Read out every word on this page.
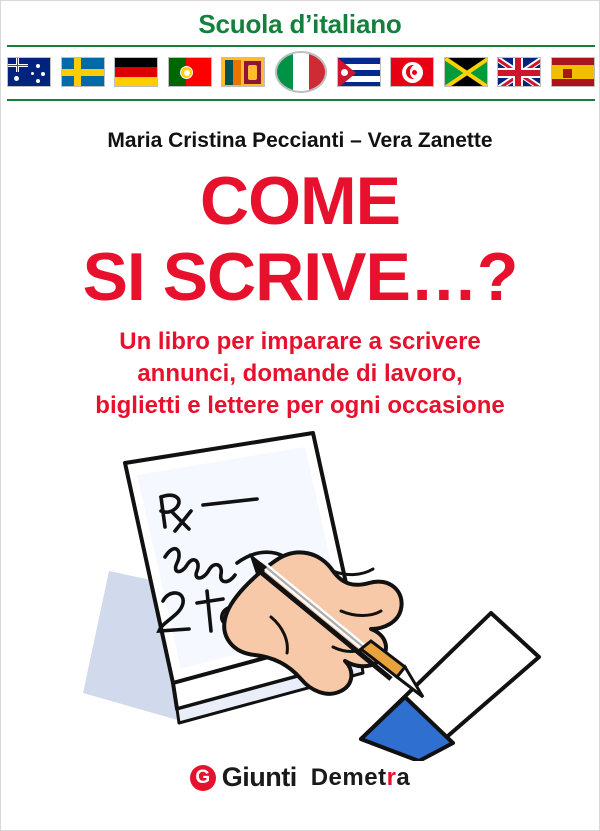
Scuola d’italiano
Maria Cristina Peccianti – Vera Zanette
COME
SI SCRIVE…?
Un libro per imparare a scrivere
annunci, domande di lavoro,
biglietti e lettere per ogni occasione
G Giunti Demetra
